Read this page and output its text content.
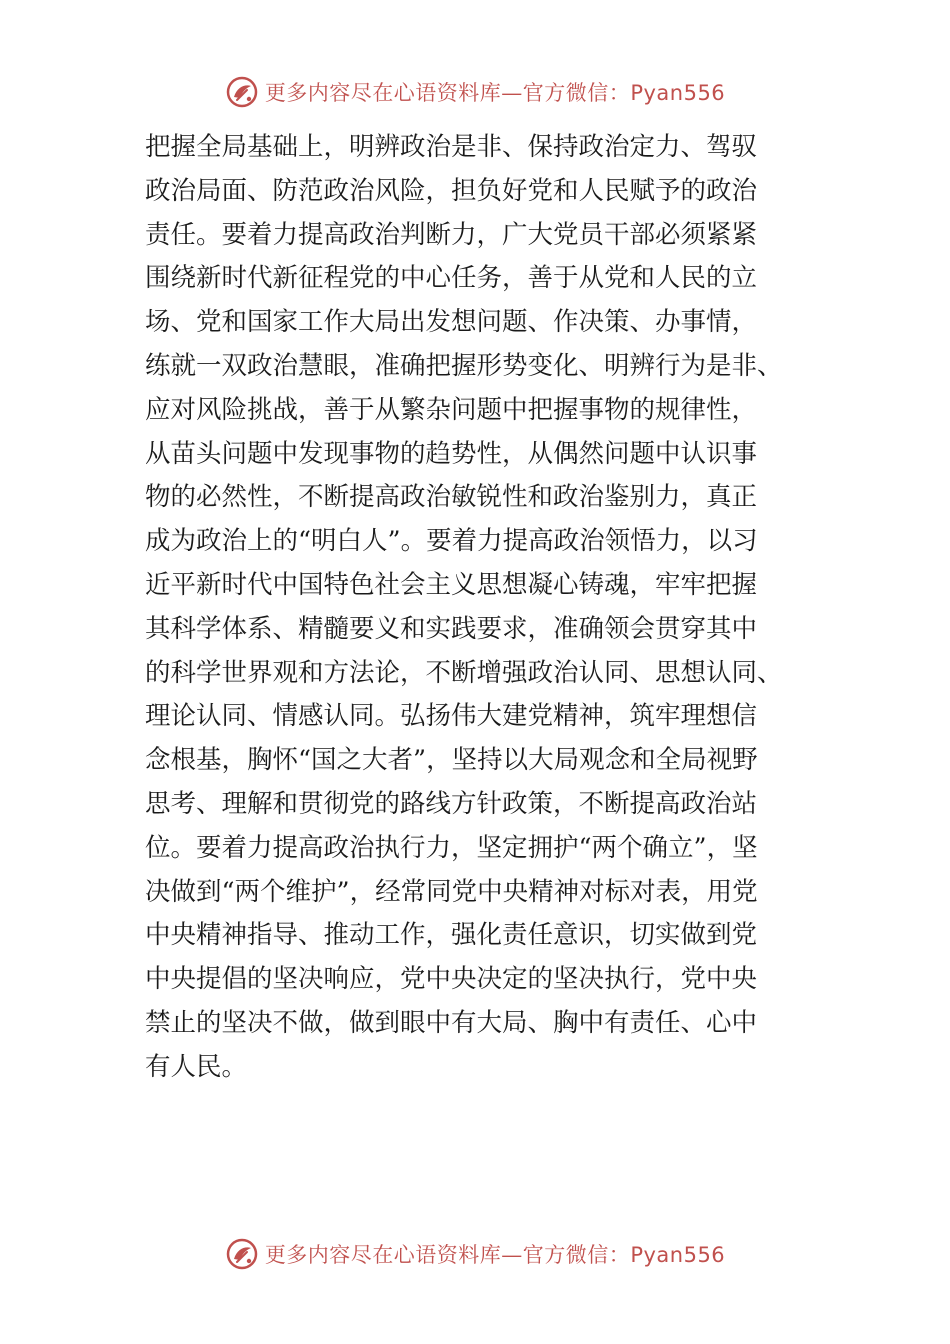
更多内容尽在心语资料库—官方微信：Pyan556
把握全局基础上，明辨政治是非、保持政治定力、驾驭
政治局面、防范政治风险，担负好党和人民赋予的政治
责任。要着力提高政治判断力，广大党员干部必须紧紧
围绕新时代新征程党的中心任务，善于从党和人民的立
场、党和国家工作大局出发想问题、作决策、办事情，
练就一双政治慧眼，准确把握形势变化、明辨行为是非、
应对风险挑战，善于从繁杂问题中把握事物的规律性，
从苗头问题中发现事物的趋势性，从偶然问题中认识事
物的必然性，不断提高政治敏锐性和政治鉴别力，真正
成为政治上的“明白人”。要着力提高政治领悟力，以习
近平新时代中国特色社会主义思想凝心铸魂，牢牢把握
其科学体系、精髓要义和实践要求，准确领会贯穿其中
的科学世界观和方法论，不断增强政治认同、思想认同、
理论认同、情感认同。弘扬伟大建党精神，筑牢理想信
念根基，胸怀“国之大者”，坚持以大局观念和全局视野
思考、理解和贯彻党的路线方针政策，不断提高政治站
位。要着力提高政治执行力，坚定拥护“两个确立”，坚
决做到“两个维护”，经常同党中央精神对标对表，用党
中央精神指导、推动工作，强化责任意识，切实做到党
中央提倡的坚决响应，党中央决定的坚决执行，党中央
禁止的坚决不做，做到眼中有大局、胸中有责任、心中
有人民。
更多内容尽在心语资料库—官方微信：Pyan556
